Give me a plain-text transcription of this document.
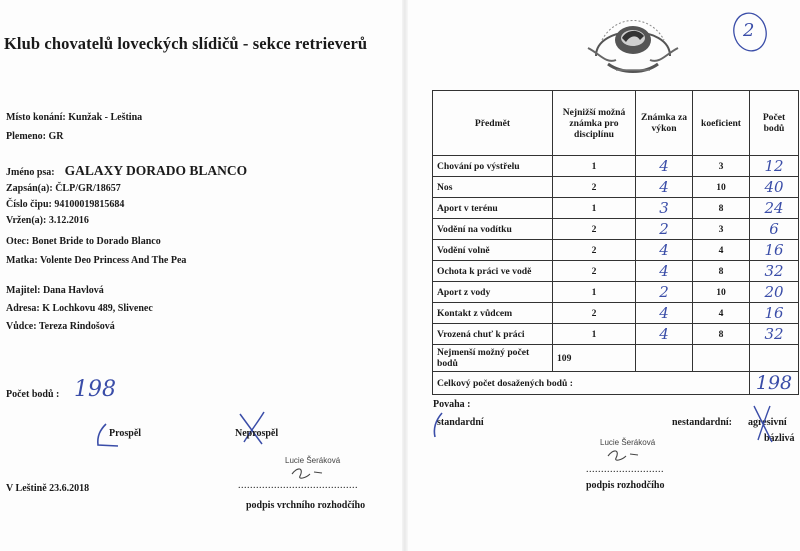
Klub chovatelů loveckých slídičů - sekce retrieverů
Místo konání: Kunžak - Leština
Plemeno: GR
Jméno psa: GALAXY DORADO BLANCO
Zapsán(a): ČLP/GR/18657
Číslo čipu: 94100019815684
Vržen(a): 3.12.2016
Otec: Bonet Bride to Dorado Blanco
Matka: Volente Deo Princess And The Pea
Majitel: Dana Havlová
Adresa: K Lochkovu 489, Slivenec
Vůdce: Tereza Rindošová
Počet bodů : 198
Prospěl	Neprospěl
Lucie Šeráková
V Leštině 23.6.2018	........................................
podpis vrchního rozhodčího
2
Předmět	Nejnižší možná známka pro disciplínu	Známka za výkon	koeficient	Počet bodů
Chování po výstřelu	1	4	3	12
Nos	2	4	10	40
Aport v terénu	1	3	8	24
Vodění na vodítku	2	2	3	6
Vodění volně	2	4	4	16
Ochota k práci ve vodě	2	4	8	32
Aport z vody	1	2	10	20
Kontakt z vůdcem	2	4	4	16
Vrozená chuť k práci	1	4	8	32
Nejmenší možný počet bodů	109			
Celkový počet dosažených bodů :				198
Povaha :
standardní	nestandardní: agresivní
bázlivá
Lucie Šeráková
..........................
podpis rozhodčího
